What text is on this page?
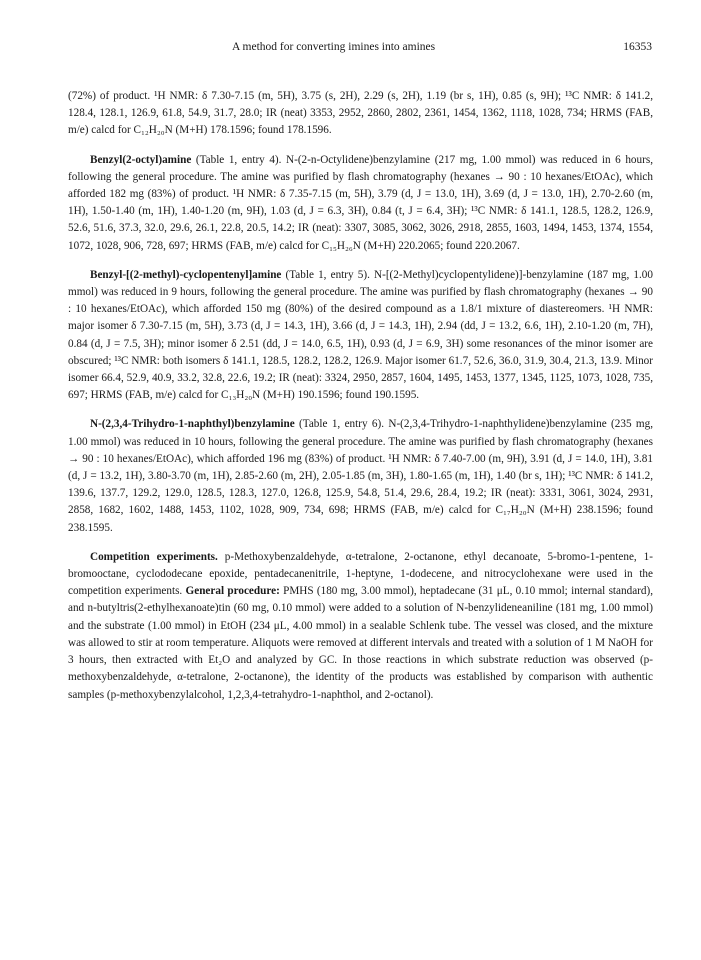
A method for converting imines into amines	16353

(72%) of product. ¹H NMR: δ 7.30-7.15 (m, 5H), 3.75 (s, 2H), 2.29 (s, 2H), 1.19 (br s, 1H), 0.85 (s, 9H); ¹³C NMR: δ 141.2, 128.4, 128.1, 126.9, 61.8, 54.9, 31.7, 28.0; IR (neat) 3353, 2952, 2860, 2802, 2361, 1454, 1362, 1118, 1028, 734; HRMS (FAB, m/e) calcd for C₁₂H₂₀N (M+H) 178.1596; found 178.1596.

Benzyl(2-octyl)amine (Table 1, entry 4). N-(2-n-Octylidene)benzylamine (217 mg, 1.00 mmol) was reduced in 6 hours, following the general procedure. The amine was purified by flash chromatography (hexanes → 90 : 10 hexanes/EtOAc), which afforded 182 mg (83%) of product. ¹H NMR: δ 7.35-7.15 (m, 5H), 3.79 (d, J = 13.0, 1H), 3.69 (d, J = 13.0, 1H), 2.70-2.60 (m, 1H), 1.50-1.40 (m, 1H), 1.40-1.20 (m, 9H), 1.03 (d, J = 6.3, 3H), 0.84 (t, J = 6.4, 3H); ¹³C NMR: δ 141.1, 128.5, 128.2, 126.9, 52.6, 51.6, 37.3, 32.0, 29.6, 26.1, 22.8, 20.5, 14.2; IR (neat): 3307, 3085, 3062, 3026, 2918, 2855, 1603, 1494, 1453, 1374, 1554, 1072, 1028, 906, 728, 697; HRMS (FAB, m/e) calcd for C₁₅H₂₆N (M+H) 220.2065; found 220.2067.

Benzyl-[(2-methyl)-cyclopentenyl]amine (Table 1, entry 5). N-[(2-Methyl)cyclopentylidene)]-benzylamine (187 mg, 1.00 mmol) was reduced in 9 hours, following the general procedure. The amine was purified by flash chromatography (hexanes → 90 : 10 hexanes/EtOAc), which afforded 150 mg (80%) of the desired compound as a 1.8/1 mixture of diastereomers. ¹H NMR: major isomer δ 7.30-7.15 (m, 5H), 3.73 (d, J = 14.3, 1H), 3.66 (d, J = 14.3, 1H), 2.94 (dd, J = 13.2, 6.6, 1H), 2.10-1.20 (m, 7H), 0.84 (d, J = 7.5, 3H); minor isomer δ 2.51 (dd, J = 14.0, 6.5, 1H), 0.93 (d, J = 6.9, 3H) some resonances of the minor isomer are obscured; ¹³C NMR: both isomers δ 141.1, 128.5, 128.2, 128.2, 126.9. Major isomer 61.7, 52.6, 36.0, 31.9, 30.4, 21.3, 13.9. Minor isomer 66.4, 52.9, 40.9, 33.2, 32.8, 22.6, 19.2; IR (neat): 3324, 2950, 2857, 1604, 1495, 1453, 1377, 1345, 1125, 1073, 1028, 735, 697; HRMS (FAB, m/e) calcd for C₁₃H₂₀N (M+H) 190.1596; found 190.1595.

N-(2,3,4-Trihydro-1-naphthyl)benzylamine (Table 1, entry 6). N-(2,3,4-Trihydro-1-naphthylidene)benzylamine (235 mg, 1.00 mmol) was reduced in 10 hours, following the general procedure. The amine was purified by flash chromatography (hexanes → 90 : 10 hexanes/EtOAc), which afforded 196 mg (83%) of product. ¹H NMR: δ 7.40-7.00 (m, 9H), 3.91 (d, J = 14.0, 1H), 3.81 (d, J = 13.2, 1H), 3.80-3.70 (m, 1H), 2.85-2.60 (m, 2H), 2.05-1.85 (m, 3H), 1.80-1.65 (m, 1H), 1.40 (br s, 1H); ¹³C NMR: δ 141.2, 139.6, 137.7, 129.2, 129.0, 128.5, 128.3, 127.0, 126.8, 125.9, 54.8, 51.4, 29.6, 28.4, 19.2; IR (neat): 3331, 3061, 3024, 2931, 2858, 1682, 1602, 1488, 1453, 1102, 1028, 909, 734, 698; HRMS (FAB, m/e) calcd for C₁₇H₂₀N (M+H) 238.1596; found 238.1595.

Competition experiments. p-Methoxybenzaldehyde, α-tetralone, 2-octanone, ethyl decanoate, 5-bromo-1-pentene, 1-bromooctane, cyclododecane epoxide, pentadecanenitrile, 1-heptyne, 1-dodecene, and nitrocyclohexane were used in the competition experiments. General procedure: PMHS (180 mg, 3.00 mmol), heptadecane (31 μL, 0.10 mmol; internal standard), and n-butyltris(2-ethylhexanoate)tin (60 mg, 0.10 mmol) were added to a solution of N-benzylideneaniline (181 mg, 1.00 mmol) and the substrate (1.00 mmol) in EtOH (234 μL, 4.00 mmol) in a sealable Schlenk tube. The vessel was closed, and the mixture was allowed to stir at room temperature. Aliquots were removed at different intervals and treated with a solution of 1 M NaOH for 3 hours, then extracted with Et₂O and analyzed by GC. In those reactions in which substrate reduction was observed (p-methoxybenzaldehyde, α-tetralone, 2-octanone), the identity of the products was established by comparison with authentic samples (p-methoxybenzylalcohol, 1,2,3,4-tetrahydro-1-naphthol, and 2-octanol).
